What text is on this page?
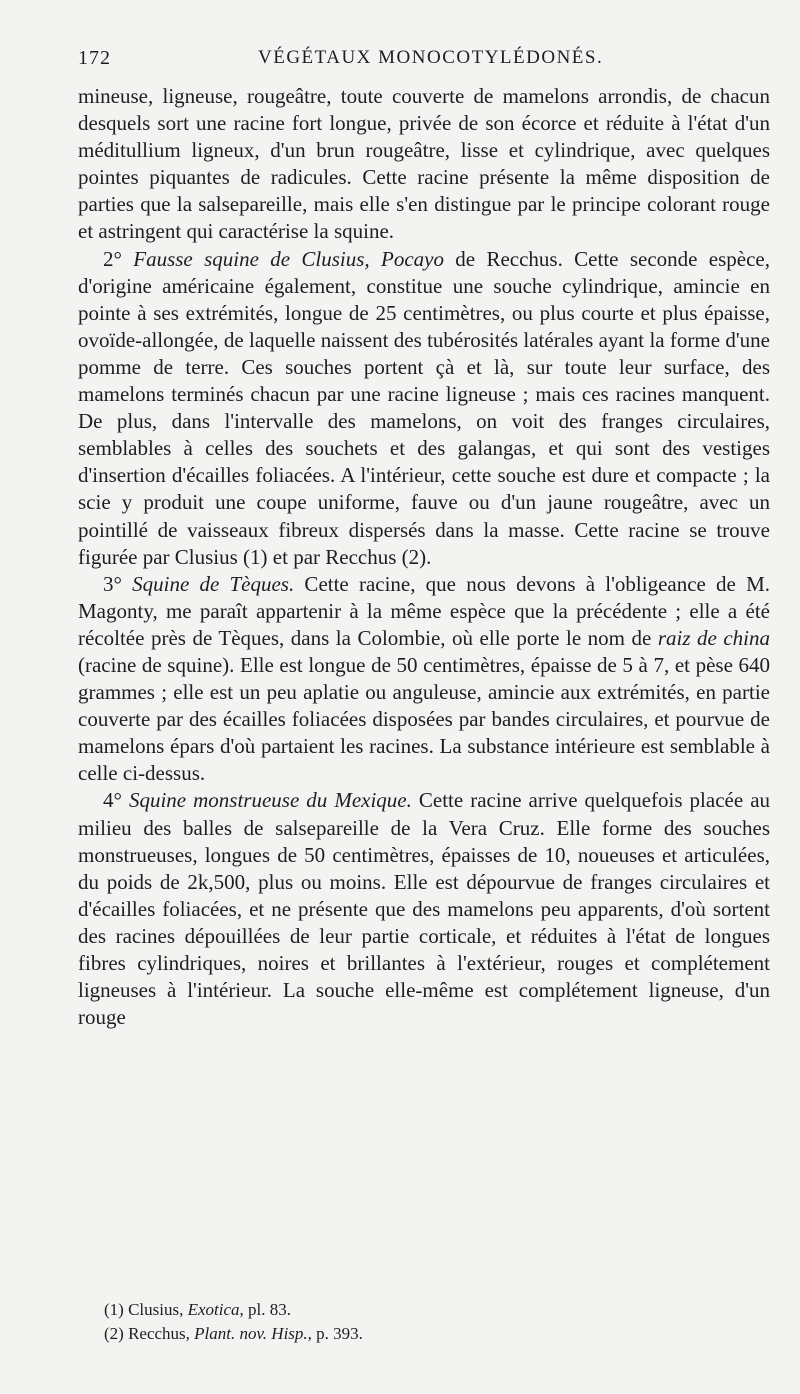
172	VÉGÉTAUX MONOCOTYLÉDONÉS.

mineuse, ligneuse, rougeâtre, toute couverte de mamelons arrondis, de chacun desquels sort une racine fort longue, privée de son écorce et réduite à l'état d'un méditullium ligneux, d'un brun rougeâtre, lisse et cylindrique, avec quelques pointes piquantes de radicules. Cette racine présente la même disposition de parties que la salsepareille, mais elle s'en distingue par le principe colorant rouge et astringent qui caractérise la squine.

2° Fausse squine de Clusius, Pocayo de Recchus. Cette seconde espèce, d'origine américaine également, constitue une souche cylindrique, amincie en pointe à ses extrémités, longue de 25 centimètres, ou plus courte et plus épaisse, ovoïde-allongée, de laquelle naissent des tubérosités latérales ayant la forme d'une pomme de terre. Ces souches portent çà et là, sur toute leur surface, des mamelons terminés chacun par une racine ligneuse ; mais ces racines manquent. De plus, dans l'intervalle des mamelons, on voit des franges circulaires, semblables à celles des souchets et des galangas, et qui sont des vestiges d'insertion d'écailles foliacées. A l'intérieur, cette souche est dure et compacte ; la scie y produit une coupe uniforme, fauve ou d'un jaune rougeâtre, avec un pointillé de vaisseaux fibreux dispersés dans la masse. Cette racine se trouve figurée par Clusius (1) et par Recchus (2).

3° Squine de Tèques. Cette racine, que nous devons à l'obligeance de M. Magonty, me paraît appartenir à la même espèce que la précédente ; elle a été récoltée près de Tèques, dans la Colombie, où elle porte le nom de raiz de china (racine de squine). Elle est longue de 50 centimètres, épaisse de 5 à 7, et pèse 640 grammes ; elle est un peu aplatie ou anguleuse, amincie aux extrémités, en partie couverte par des écailles foliacées disposées par bandes circulaires, et pourvue de mamelons épars d'où partaient les racines. La substance intérieure est semblable à celle ci-dessus.

4° Squine monstrueuse du Mexique. Cette racine arrive quelquefois placée au milieu des balles de salsepareille de la Vera Cruz. Elle forme des souches monstrueuses, longues de 50 centimètres, épaisses de 10, noueuses et articulées, du poids de 2k,500, plus ou moins. Elle est dépourvue de franges circulaires et d'écailles foliacées, et ne présente que des mamelons peu apparents, d'où sortent des racines dépouillées de leur partie corticale, et réduites à l'état de longues fibres cylindriques, noires et brillantes à l'extérieur, rouges et complétement ligneuses à l'intérieur. La souche elle-même est complétement ligneuse, d'un rouge

(1) Clusius, Exotica, pl. 83.

(2) Recchus, Plant. nov. Hisp., p. 393.
